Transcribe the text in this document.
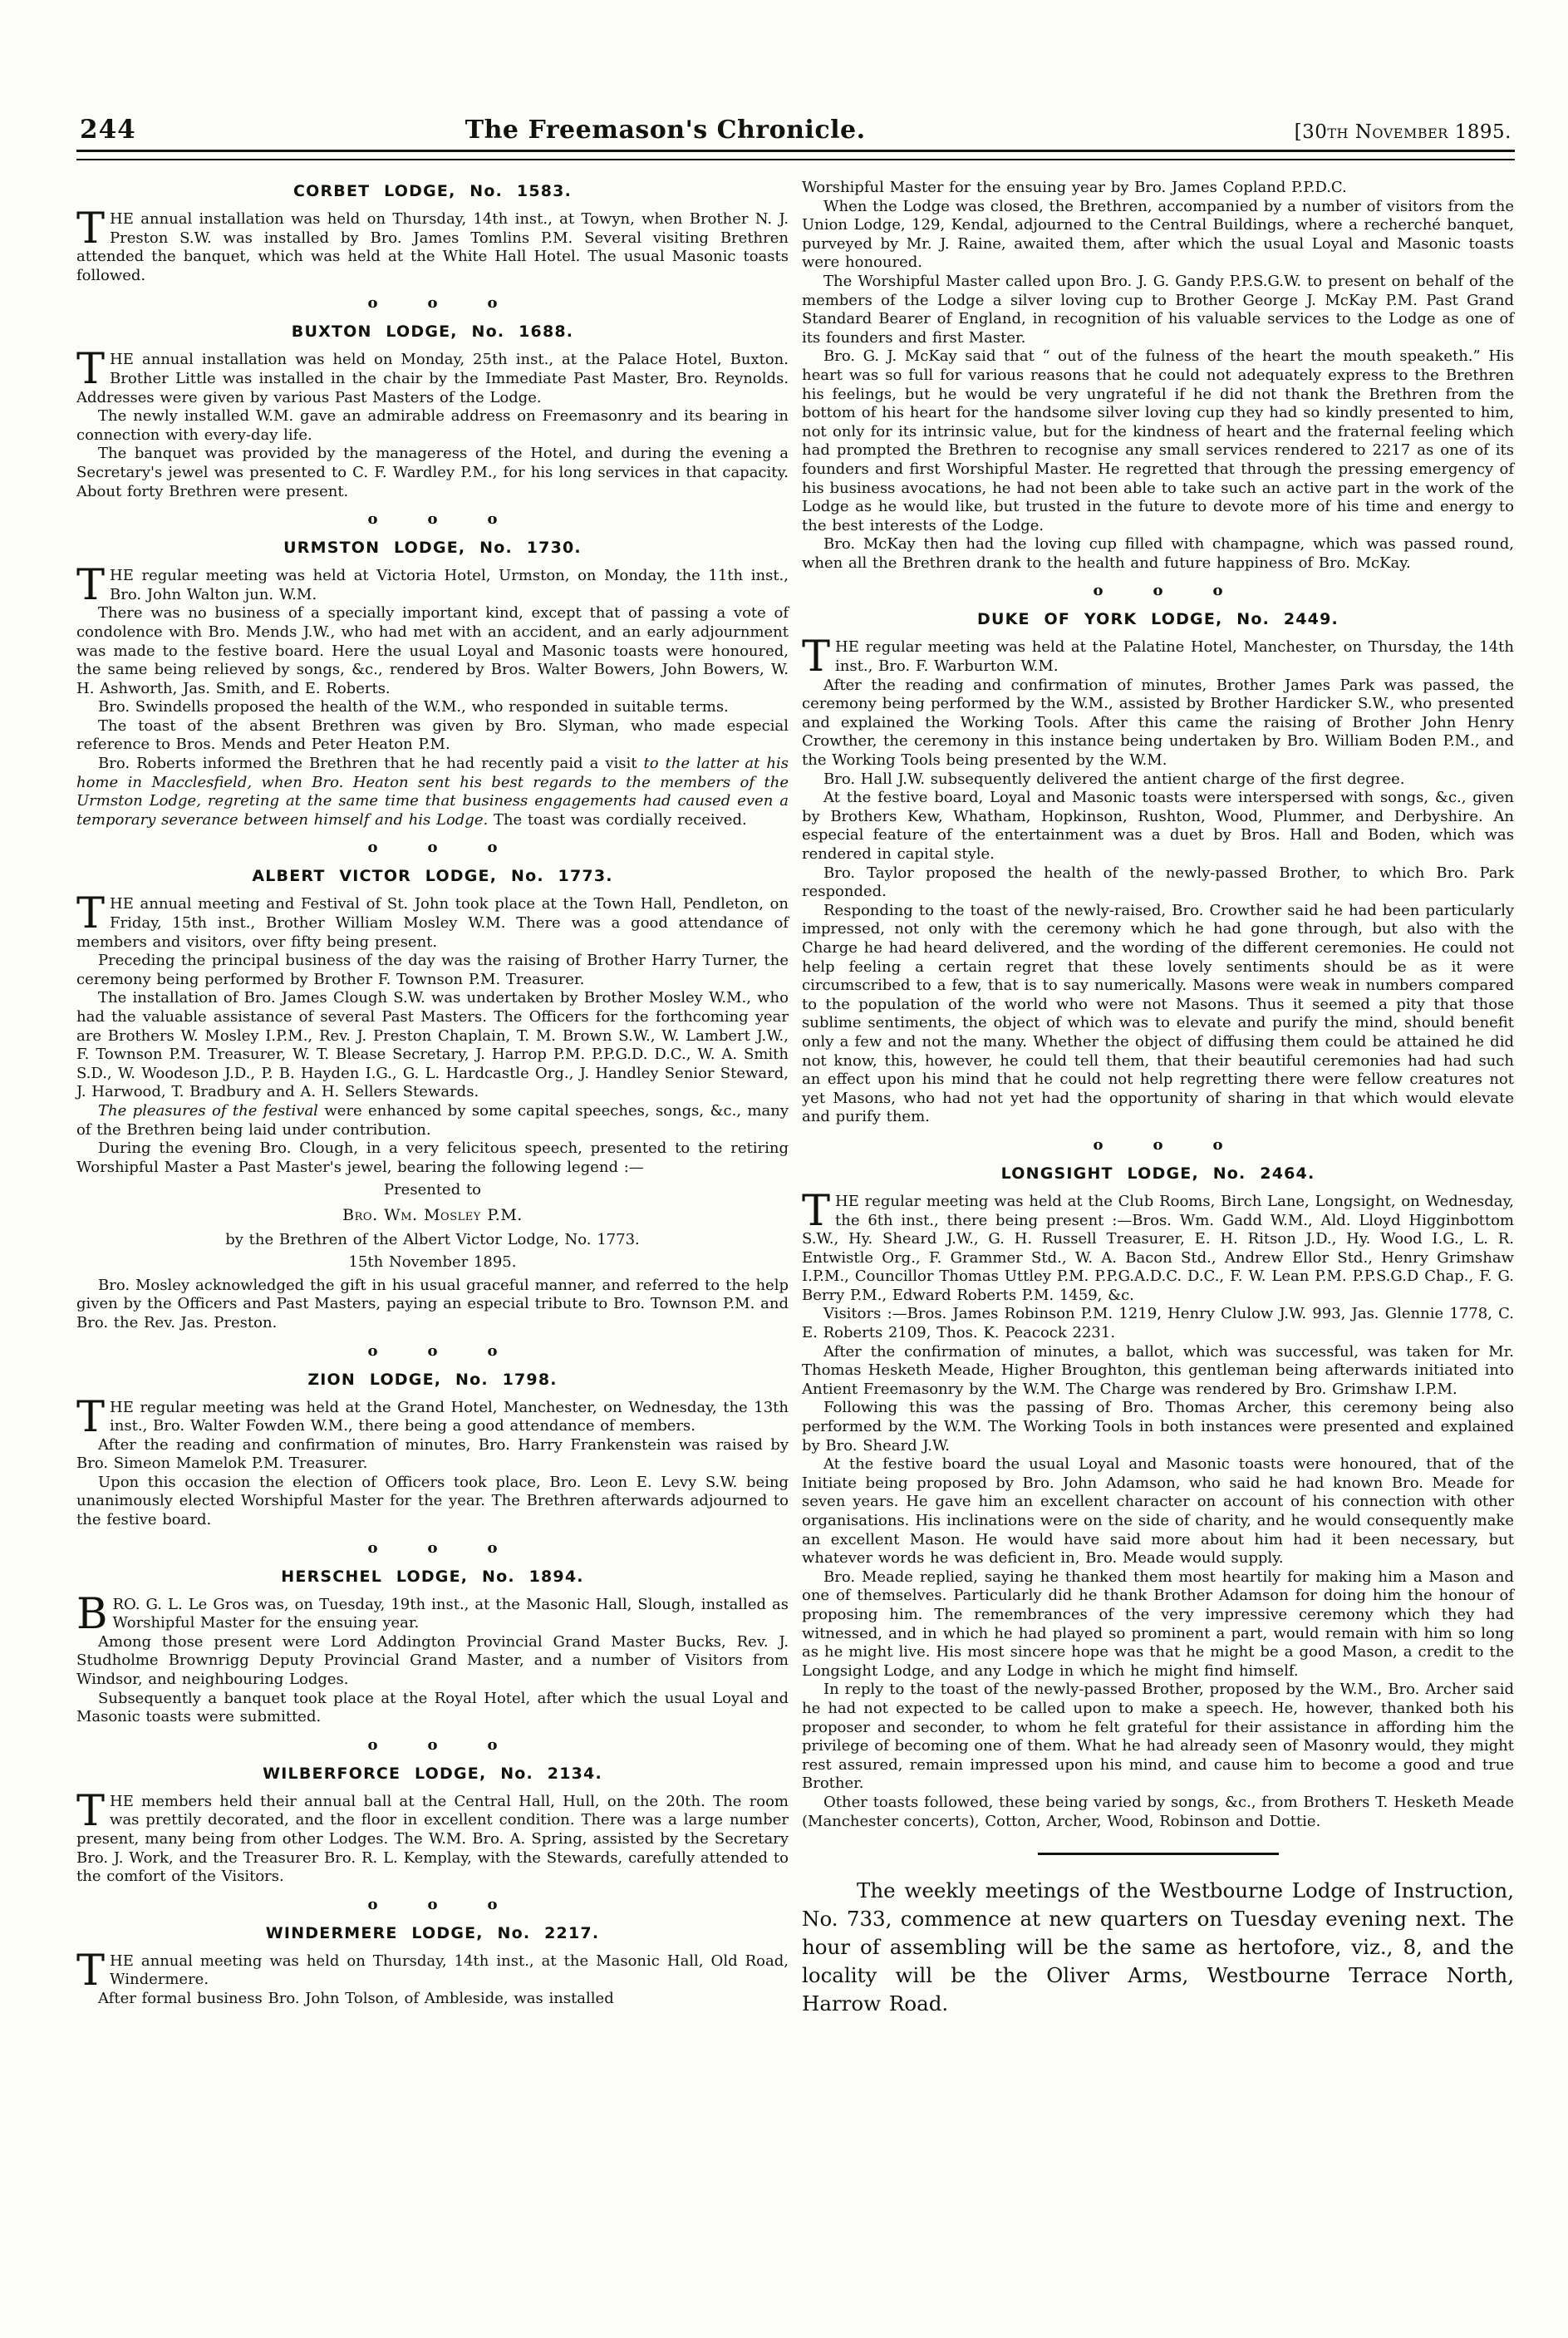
244	The Freemason's Chronicle.	[30th November 1895.
CORBET LODGE, No. 1583.

THE annual installation was held on Thursday, 14th inst., at Towyn, when Brother N. J. Preston S.W. was installed by Bro. James Tomlins P.M. Several visiting Brethren attended the banquet, which was held at the White Hall Hotel. The usual Masonic toasts followed.

o	o	o
BUXTON LODGE, No. 1688.

THE annual installation was held on Monday, 25th inst., at the Palace Hotel, Buxton. Brother Little was installed in the chair by the Immediate Past Master, Bro. Reynolds. Addresses were given by various Past Masters of the Lodge.

The newly installed W.M. gave an admirable address on Freemasonry and its bearing in connection with every-day life.

The banquet was provided by the manageress of the Hotel, and during the evening a Secretary's jewel was presented to C. F. Wardley P.M., for his long services in that capacity. About forty Brethren were present.

o	o	o
URMSTON LODGE, No. 1730.

THE regular meeting was held at Victoria Hotel, Urmston, on Monday, the 11th inst., Bro. John Walton jun. W.M.

There was no business of a specially important kind, except that of passing a vote of condolence with Bro. Mends J.W., who had met with an accident, and an early adjournment was made to the festive board. Here the usual Loyal and Masonic toasts were honoured, the same being relieved by songs, &c., rendered by Bros. Walter Bowers, John Bowers, W. H. Ashworth, Jas. Smith, and E. Roberts.

Bro. Swindells proposed the health of the W.M., who responded in suitable terms.

The toast of the absent Brethren was given by Bro. Slyman, who made especial reference to Bros. Mends and Peter Heaton P.M.

Bro. Roberts informed the Brethren that he had recently paid a visit to the latter at his home in Macclesfield, when Bro. Heaton sent his best regards to the members of the Urmston Lodge, regreting at the same time that business engagements had caused even a temporary severance between himself and his Lodge. The toast was cordially received.

o	o	o
ALBERT VICTOR LODGE, No. 1773.

THE annual meeting and Festival of St. John took place at the Town Hall, Pendleton, on Friday, 15th inst., Brother William Mosley W.M. There was a good attendance of members and visitors, over fifty being present.

Preceding the principal business of the day was the raising of Brother Harry Turner, the ceremony being performed by Brother F. Townson P.M. Treasurer.

The installation of Bro. James Clough S.W. was undertaken by Brother Mosley W.M., who had the valuable assistance of several Past Masters. The Officers for the forthcoming year are Brothers W. Mosley I.P.M., Rev. J. Preston Chaplain, T. M. Brown S.W., W. Lambert J.W., F. Townson P.M. Treasurer, W. T. Blease Secretary, J. Harrop P.M. P.P.G.D. D.C., W. A. Smith S.D., W. Woodeson J.D., P. B. Hayden I.G., G. L. Hardcastle Org., J. Handley Senior Steward, J. Harwood, T. Bradbury and A. H. Sellers Stewards.

The pleasures of the festival were enhanced by some capital speeches, songs, &c., many of the Brethren being laid under contribution.

During the evening Bro. Clough, in a very felicitous speech, presented to the retiring Worshipful Master a Past Master's jewel, bearing the following legend :—

Presented to

Bro. Wm. Mosley P.M.

by the Brethren of the Albert Victor Lodge, No. 1773.

15th November 1895.

Bro. Mosley acknowledged the gift in his usual graceful manner, and referred to the help given by the Officers and Past Masters, paying an especial tribute to Bro. Townson P.M. and Bro. the Rev. Jas. Preston.

o	o	o
ZION LODGE, No. 1798.

THE regular meeting was held at the Grand Hotel, Manchester, on Wednesday, the 13th inst., Bro. Walter Fowden W.M., there being a good attendance of members.

After the reading and confirmation of minutes, Bro. Harry Frankenstein was raised by Bro. Simeon Mamelok P.M. Treasurer.

Upon this occasion the election of Officers took place, Bro. Leon E. Levy S.W. being unanimously elected Worshipful Master for the year. The Brethren afterwards adjourned to the festive board.

o	o	o
HERSCHEL LODGE, No. 1894.

BRO. G. L. Le Gros was, on Tuesday, 19th inst., at the Masonic Hall, Slough, installed as Worshipful Master for the ensuing year.

Among those present were Lord Addington Provincial Grand Master Bucks, Rev. J. Studholme Brownrigg Deputy Provincial Grand Master, and a number of Visitors from Windsor, and neighbouring Lodges.

Subsequently a banquet took place at the Royal Hotel, after which the usual Loyal and Masonic toasts were submitted.

o	o	o
WILBERFORCE LODGE, No. 2134.

THE members held their annual ball at the Central Hall, Hull, on the 20th. The room was prettily decorated, and the floor in excellent condition. There was a large number present, many being from other Lodges. The W.M. Bro. A. Spring, assisted by the Secretary Bro. J. Work, and the Treasurer Bro. R. L. Kemplay, with the Stewards, carefully attended to the comfort of the Visitors.

o	o	o
WINDERMERE LODGE, No. 2217.

THE annual meeting was held on Thursday, 14th inst., at the Masonic Hall, Old Road, Windermere.

After formal business Bro. John Tolson, of Ambleside, was installed

Worshipful Master for the ensuing year by Bro. James Copland P.P.D.C.

When the Lodge was closed, the Brethren, accompanied by a number of visitors from the Union Lodge, 129, Kendal, adjourned to the Central Buildings, where a recherché banquet, purveyed by Mr. J. Raine, awaited them, after which the usual Loyal and Masonic toasts were honoured.

The Worshipful Master called upon Bro. J. G. Gandy P.P.S.G.W. to present on behalf of the members of the Lodge a silver loving cup to Brother George J. McKay P.M. Past Grand Standard Bearer of England, in recognition of his valuable services to the Lodge as one of its founders and first Master.

Bro. G. J. McKay said that “ out of the fulness of the heart the mouth speaketh.” His heart was so full for various reasons that he could not adequately express to the Brethren his feelings, but he would be very ungrateful if he did not thank the Brethren from the bottom of his heart for the handsome silver loving cup they had so kindly presented to him, not only for its intrinsic value, but for the kindness of heart and the fraternal feeling which had prompted the Brethren to recognise any small services rendered to 2217 as one of its founders and first Worshipful Master. He regretted that through the pressing emergency of his business avocations, he had not been able to take such an active part in the work of the Lodge as he would like, but trusted in the future to devote more of his time and energy to the best interests of the Lodge.

Bro. McKay then had the loving cup filled with champagne, which was passed round, when all the Brethren drank to the health and future happiness of Bro. McKay.

o	o	o
DUKE OF YORK LODGE, No. 2449.

THE regular meeting was held at the Palatine Hotel, Manchester, on Thursday, the 14th inst., Bro. F. Warburton W.M.

After the reading and confirmation of minutes, Brother James Park was passed, the ceremony being performed by the W.M., assisted by Brother Hardicker S.W., who presented and explained the Working Tools. After this came the raising of Brother John Henry Crowther, the ceremony in this instance being undertaken by Bro. William Boden P.M., and the Working Tools being presented by the W.M.

Bro. Hall J.W. subsequently delivered the antient charge of the first degree.

At the festive board, Loyal and Masonic toasts were interspersed with songs, &c., given by Brothers Kew, Whatham, Hopkinson, Rushton, Wood, Plummer, and Derbyshire. An especial feature of the entertainment was a duet by Bros. Hall and Boden, which was rendered in capital style.

Bro. Taylor proposed the health of the newly-passed Brother, to which Bro. Park responded.

Responding to the toast of the newly-raised, Bro. Crowther said he had been particularly impressed, not only with the ceremony which he had gone through, but also with the Charge he had heard delivered, and the wording of the different ceremonies. He could not help feeling a certain regret that these lovely sentiments should be as it were circumscribed to a few, that is to say numerically. Masons were weak in numbers compared to the population of the world who were not Masons. Thus it seemed a pity that those sublime sentiments, the object of which was to elevate and purify the mind, should benefit only a few and not the many. Whether the object of diffusing them could be attained he did not know, this, however, he could tell them, that their beautiful ceremonies had had such an effect upon his mind that he could not help regretting there were fellow creatures not yet Masons, who had not yet had the opportunity of sharing in that which would elevate and purify them.

o	o	o
LONGSIGHT LODGE, No. 2464.

THE regular meeting was held at the Club Rooms, Birch Lane, Longsight, on Wednesday, the 6th inst., there being present :—Bros. Wm. Gadd W.M., Ald. Lloyd Higginbottom S.W., Hy. Sheard J.W., G. H. Russell Treasurer, E. H. Ritson J.D., Hy. Wood I.G., L. R. Entwistle Org., F. Grammer Std., W. A. Bacon Std., Andrew Ellor Std., Henry Grimshaw I.P.M., Councillor Thomas Uttley P.M. P.P.G.A.D.C. D.C., F. W. Lean P.M. P.P.S.G.D Chap., F. G. Berry P.M., Edward Roberts P.M. 1459, &c.

Visitors :—Bros. James Robinson P.M. 1219, Henry Clulow J.W. 993, Jas. Glennie 1778, C. E. Roberts 2109, Thos. K. Peacock 2231.

After the confirmation of minutes, a ballot, which was successful, was taken for Mr. Thomas Hesketh Meade, Higher Broughton, this gentleman being afterwards initiated into Antient Freemasonry by the W.M. The Charge was rendered by Bro. Grimshaw I.P.M.

Following this was the passing of Bro. Thomas Archer, this ceremony being also performed by the W.M. The Working Tools in both instances were presented and explained by Bro. Sheard J.W.

At the festive board the usual Loyal and Masonic toasts were honoured, that of the Initiate being proposed by Bro. John Adamson, who said he had known Bro. Meade for seven years. He gave him an excellent character on account of his connection with other organisations. His inclinations were on the side of charity, and he would consequently make an excellent Mason. He would have said more about him had it been necessary, but whatever words he was deficient in, Bro. Meade would supply.

Bro. Meade replied, saying he thanked them most heartily for making him a Mason and one of themselves. Particularly did he thank Brother Adamson for doing him the honour of proposing him. The remembrances of the very impressive ceremony which they had witnessed, and in which he had played so prominent a part, would remain with him so long as he might live. His most sincere hope was that he might be a good Mason, a credit to the Longsight Lodge, and any Lodge in which he might find himself.

In reply to the toast of the newly-passed Brother, proposed by the W.M., Bro. Archer said he had not expected to be called upon to make a speech. He, however, thanked both his proposer and seconder, to whom he felt grateful for their assistance in affording him the privilege of becoming one of them. What he had already seen of Masonry would, they might rest assured, remain impressed upon his mind, and cause him to become a good and true Brother.

Other toasts followed, these being varied by songs, &c., from Brothers T. Hesketh Meade (Manchester concerts), Cotton, Archer, Wood, Robinson and Dottie.

The weekly meetings of the Westbourne Lodge of Instruction, No. 733, commence at new quarters on Tuesday evening next. The hour of assembling will be the same as hertofore, viz., 8, and the locality will be the Oliver Arms, Westbourne Terrace North, Harrow Road.
